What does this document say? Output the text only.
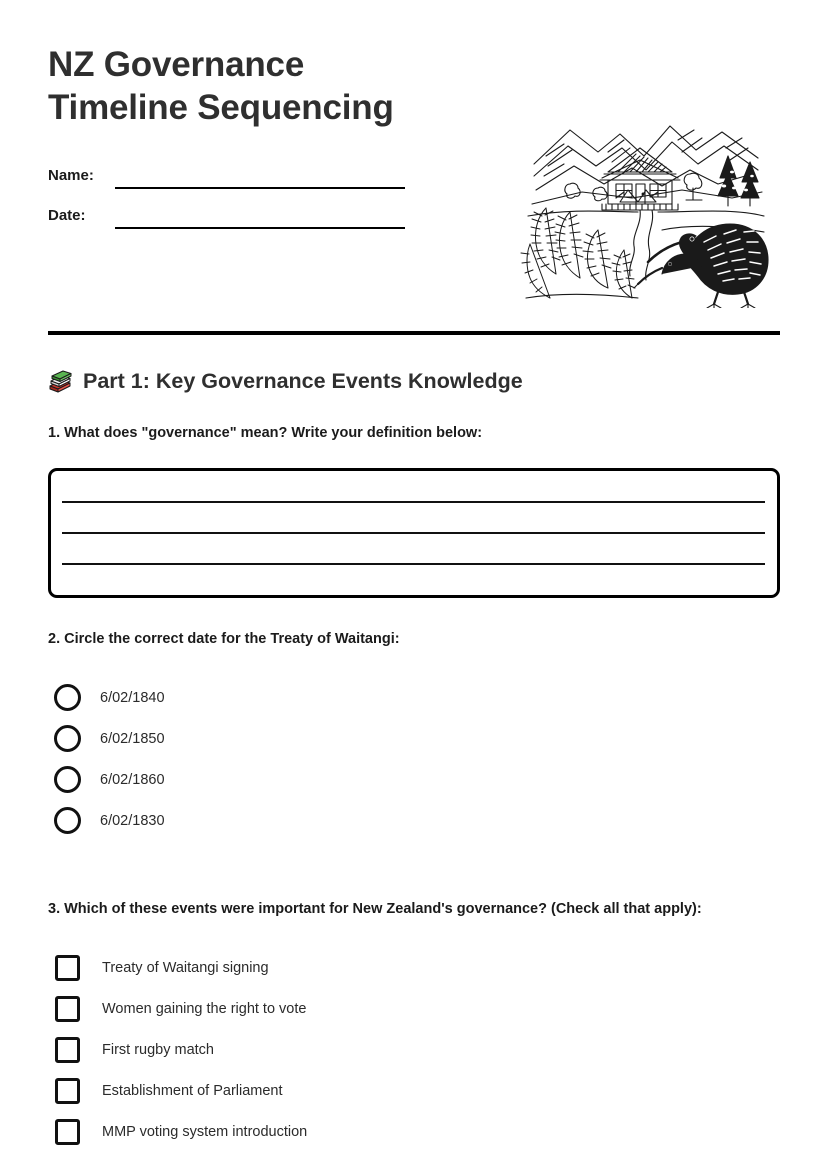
NZ Governance
Timeline Sequencing
Name:
Date:
Part 1: Key Governance Events Knowledge

1. What does "governance" mean? Write your definition below:

2. Circle the correct date for the Treaty of Waitangi:

6/02/1840
6/02/1850
6/02/1860
6/02/1830

3. Which of these events were important for New Zealand's governance? (Check all that apply):

Treaty of Waitangi signing
Women gaining the right to vote
First rugby match
Establishment of Parliament
MMP voting system introduction
